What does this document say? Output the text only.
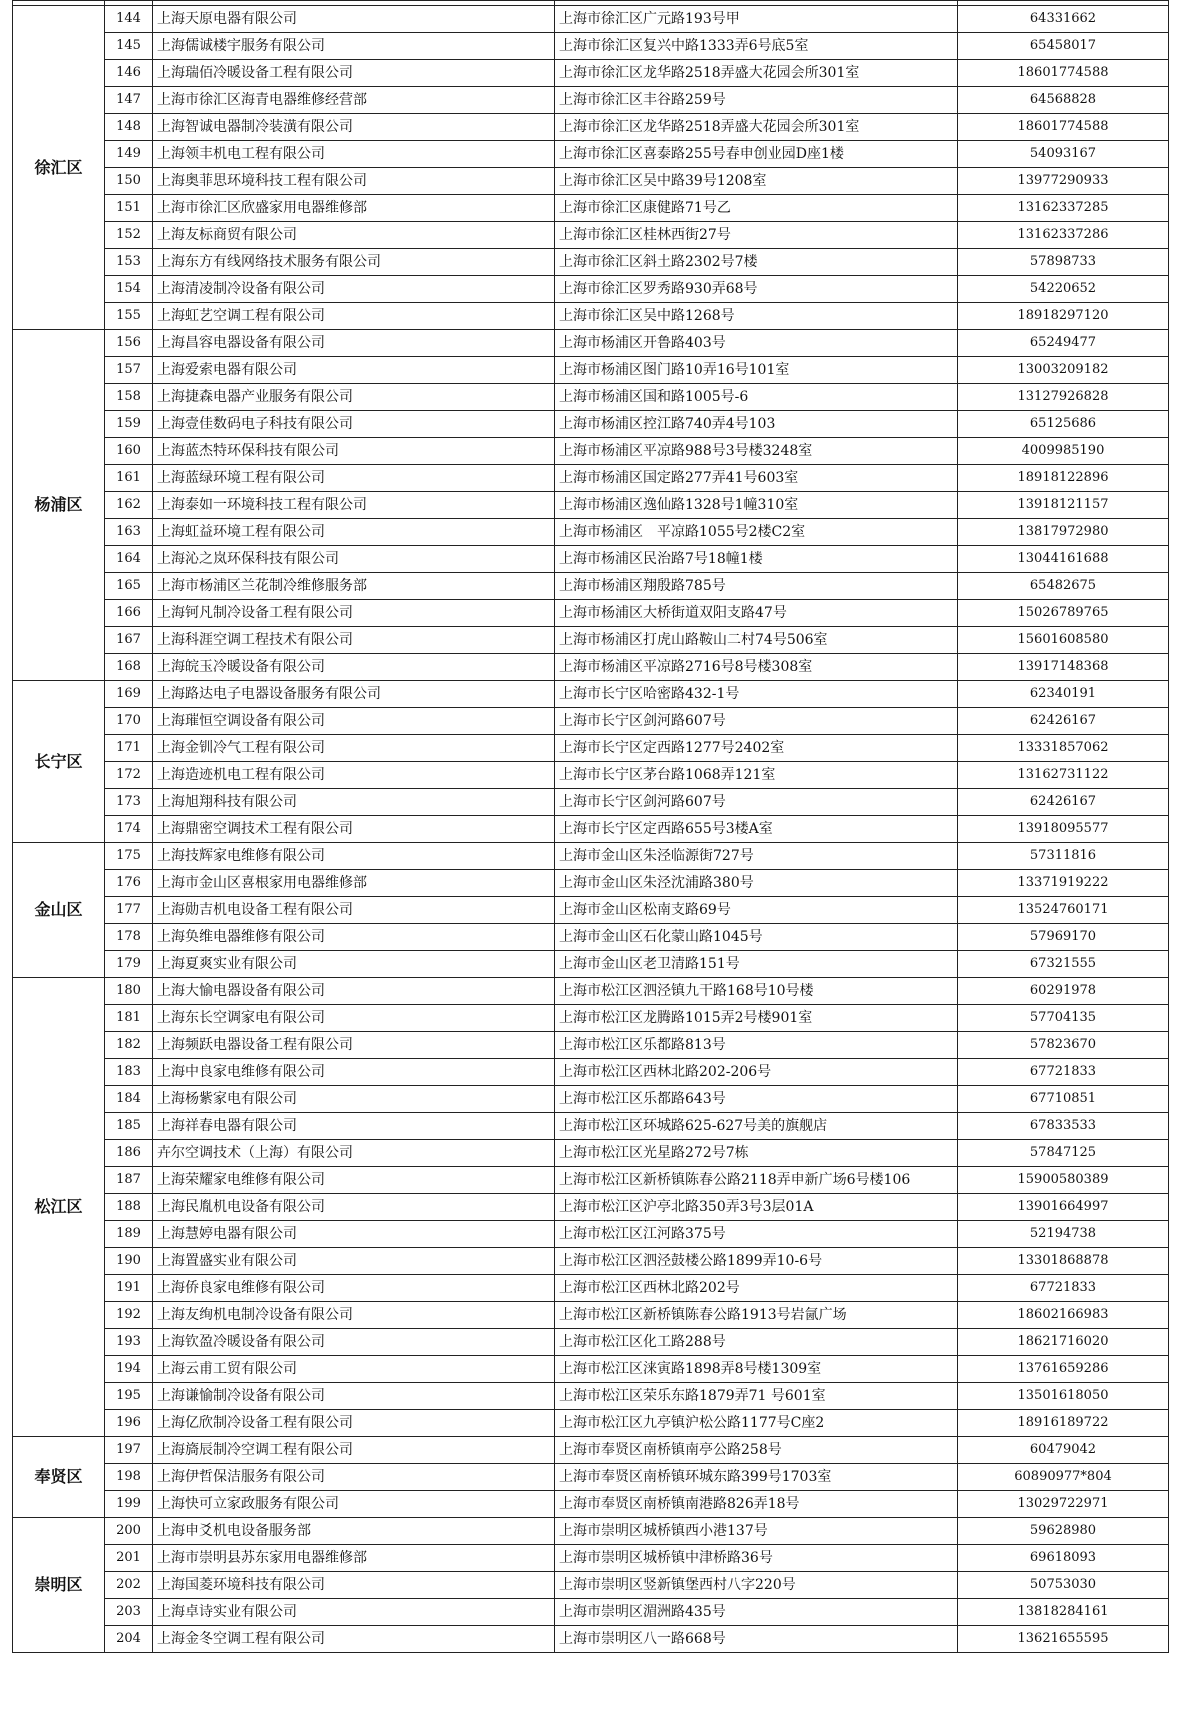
徐汇区	144	上海天原电器有限公司	上海市徐汇区广元路193号甲	64331662
	145	上海儒诚楼宇服务有限公司	上海市徐汇区复兴中路1333弄6号底5室	65458017
	146	上海瑞佰冷暖设备工程有限公司	上海市徐汇区龙华路2518弄盛大花园会所301室	18601774588
	147	上海市徐汇区海青电器维修经营部	上海市徐汇区丰谷路259号	64568828
	148	上海智诚电器制冷装潢有限公司	上海市徐汇区龙华路2518弄盛大花园会所301室	18601774588
	149	上海领丰机电工程有限公司	上海市徐汇区喜泰路255号春申创业园D座1楼	54093167
	150	上海奥菲思环境科技工程有限公司	上海市徐汇区吴中路39号1208室	13977290933
	151	上海市徐汇区欣盛家用电器维修部	上海市徐汇区康健路71号乙	13162337285
	152	上海友标商贸有限公司	上海市徐汇区桂林西街27号	13162337286
	153	上海东方有线网络技术服务有限公司	上海市徐汇区斜土路2302号7楼	57898733
	154	上海清凌制冷设备有限公司	上海市徐汇区罗秀路930弄68号	54220652
	155	上海虹艺空调工程有限公司	上海市徐汇区吴中路1268号	18918297120
杨浦区	156	上海昌容电器设备有限公司	上海市杨浦区开鲁路403号	65249477
	157	上海爱索电器有限公司	上海市杨浦区图门路10弄16号101室	13003209182
	158	上海捷森电器产业服务有限公司	上海市杨浦区国和路1005号-6	13127926828
	159	上海壹佳数码电子科技有限公司	上海市杨浦区控江路740弄4号103	65125686
	160	上海蓝杰特环保科技有限公司	上海市杨浦区平凉路988号3号楼3248室	4009985190
	161	上海蓝绿环境工程有限公司	上海市杨浦区国定路277弄41号603室	18918122896
	162	上海泰如一环境科技工程有限公司	上海市杨浦区逸仙路1328号1幢310室	13918121157
	163	上海虹益环境工程有限公司	上海市杨浦区　平凉路1055号2楼C2室	13817972980
	164	上海沁之岚环保科技有限公司	上海市杨浦区民治路7号18幢1楼	13044161688
	165	上海市杨浦区兰花制冷维修服务部	上海市杨浦区翔殷路785号	65482675
	166	上海钶凡制冷设备工程有限公司	上海市杨浦区大桥街道双阳支路47号	15026789765
	167	上海科涯空调工程技术有限公司	上海市杨浦区打虎山路鞍山二村74号506室	15601608580
	168	上海皖玉冷暖设备有限公司	上海市杨浦区平凉路2716号8号楼308室	13917148368
长宁区	169	上海路达电子电器设备服务有限公司	上海市长宁区哈密路432-1号	62340191
	170	上海璀恒空调设备有限公司	上海市长宁区剑河路607号	62426167
	171	上海金钏冷气工程有限公司	上海市长宁区定西路1277号2402室	13331857062
	172	上海造迹机电工程有限公司	上海市长宁区茅台路1068弄121室	13162731122
	173	上海旭翔科技有限公司	上海市长宁区剑河路607号	62426167
	174	上海鼎密空调技术工程有限公司	上海市长宁区定西路655号3楼A室	13918095577
金山区	175	上海技辉家电维修有限公司	上海市金山区朱泾临源街727号	57311816
	176	上海市金山区喜根家用电器维修部	上海市金山区朱泾沈浦路380号	13371919222
	177	上海勋吉机电设备工程有限公司	上海市金山区松南支路69号	13524760171
	178	上海奂维电器维修有限公司	上海市金山区石化蒙山路1045号	57969170
	179	上海夏爽实业有限公司	上海市金山区老卫清路151号	67321555
松江区	180	上海大愉电器设备有限公司	上海市松江区泗泾镇九干路168号10号楼	60291978
	181	上海东长空调家电有限公司	上海市松江区龙腾路1015弄2号楼901室	57704135
	182	上海频跃电器设备工程有限公司	上海市松江区乐都路813号	57823670
	183	上海中良家电维修有限公司	上海市松江区西林北路202-206号	67721833
	184	上海杨紫家电有限公司	上海市松江区乐都路643号	67710851
	185	上海祥春电器有限公司	上海市松江区环城路625-627号美的旗舰店	67833533
	186	卉尔空调技术（上海）有限公司	上海市松江区光星路272号7栋	57847125
	187	上海荣耀家电维修有限公司	上海市松江区新桥镇陈春公路2118弄申新广场6号楼106	15900580389
	188	上海民胤机电设备有限公司	上海市松江区沪亭北路350弄3号3层01A	13901664997
	189	上海慧婷电器有限公司	上海市松江区江河路375号	52194738
	190	上海置盛实业有限公司	上海市松江区泗泾鼓楼公路1899弄10-6号	13301868878
	191	上海侨良家电维修有限公司	上海市松江区西林北路202号	67721833
	192	上海友绚机电制冷设备有限公司	上海市松江区新桥镇陈春公路1913号岩氤广场	18602166983
	193	上海钦盈冷暖设备有限公司	上海市松江区化工路288号	18621716020
	194	上海云甫工贸有限公司	上海市松江区涞寅路1898弄8号楼1309室	13761659286
	195	上海谦愉制冷设备有限公司	上海市松江区荣乐东路1879弄71 号601室	13501618050
	196	上海亿欣制冷设备工程有限公司	上海市松江区九亭镇沪松公路1177号C座2	18916189722
奉贤区	197	上海旖辰制冷空调工程有限公司	上海市奉贤区南桥镇南亭公路258号	60479042
	198	上海伊哲保洁服务有限公司	上海市奉贤区南桥镇环城东路399号1703室	60890977*804
	199	上海快可立家政服务有限公司	上海市奉贤区南桥镇南港路826弄18号	13029722971
崇明区	200	上海申爻机电设备服务部	上海市崇明区城桥镇西小港137号	59628980
	201	上海市崇明县苏东家用电器维修部	上海市崇明区城桥镇中津桥路36号	69618093
	202	上海国菱环境科技有限公司	上海市崇明区竖新镇堡西村八字220号	50753030
	203	上海卓诗实业有限公司	上海市崇明区湄洲路435号	13818284161
	204	上海金冬空调工程有限公司	上海市崇明区八一路668号	13621655595
